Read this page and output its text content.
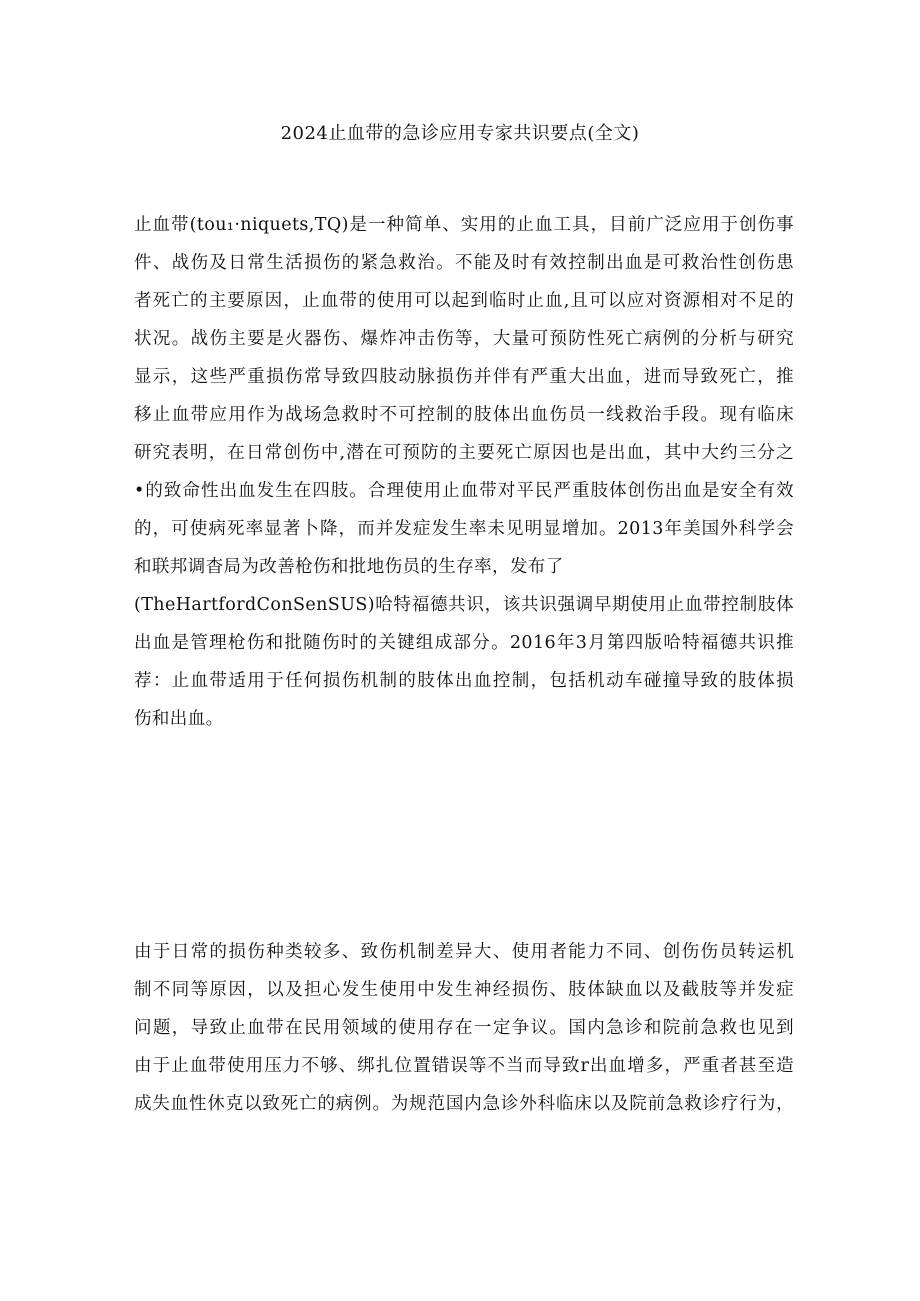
2024止血带的急诊应用专家共识要点(全文)
止血带(tou₁·niquets,TQ)是一种简单、实用的止血工具，目前广泛应用于创伤事
件、战伤及日常生活损伤的紧急救治。不能及时有效控制出血是可救治性创伤患
者死亡的主要原因，止血带的使用可以起到临时止血,且可以应对资源相对不足的
状况。战伤主要是火器伤、爆炸冲击伤等，大量可预防性死亡病例的分析与研究
显示，这些严重损伤常导致四肢动脉损伤并伴有严重大出血，进而导致死亡，推
移止血带应用作为战场急救时不可控制的肢体出血伤员一线救治手段。现有临床
研究表明，在日常创伤中,潜在可预防的主要死亡原因也是出血，其中大约三分之
•的致命性出血发生在四肢。合理使用止血带对平民严重肢体创伤出血是安全有效
的，可使病死率显著卜降，而并发症发生率未见明显增加。2013年美国外科学会
和联邦调杳局为改善枪伤和批地伤员的生存率，发布了
(TheHartfordConSenSUS)哈特福德共识，该共识强调早期使用止血带控制肢体
出血是管理枪伤和批随伤时的关键组成部分。2016年3月第四版哈特福德共识推
荐：止血带适用于任何损伤机制的肢体出血控制，包括机动车碰撞导致的肢体损
伤和出血。
由于日常的损伤种类较多、致伤机制差异大、使用者能力不同、创伤伤员转运机
制不同等原因，以及担心发生使用中发生神经损伤、肢体缺血以及截肢等并发症
问题，导致止血带在民用领域的使用存在一定争议。国内急诊和院前急救也见到
由于止血带使用压力不够、绑扎位置错误等不当而导致r出血增多，严重者甚至造
成失血性休克以致死亡的病例。为规范国内急诊外科临床以及院前急救诊疗行为，
